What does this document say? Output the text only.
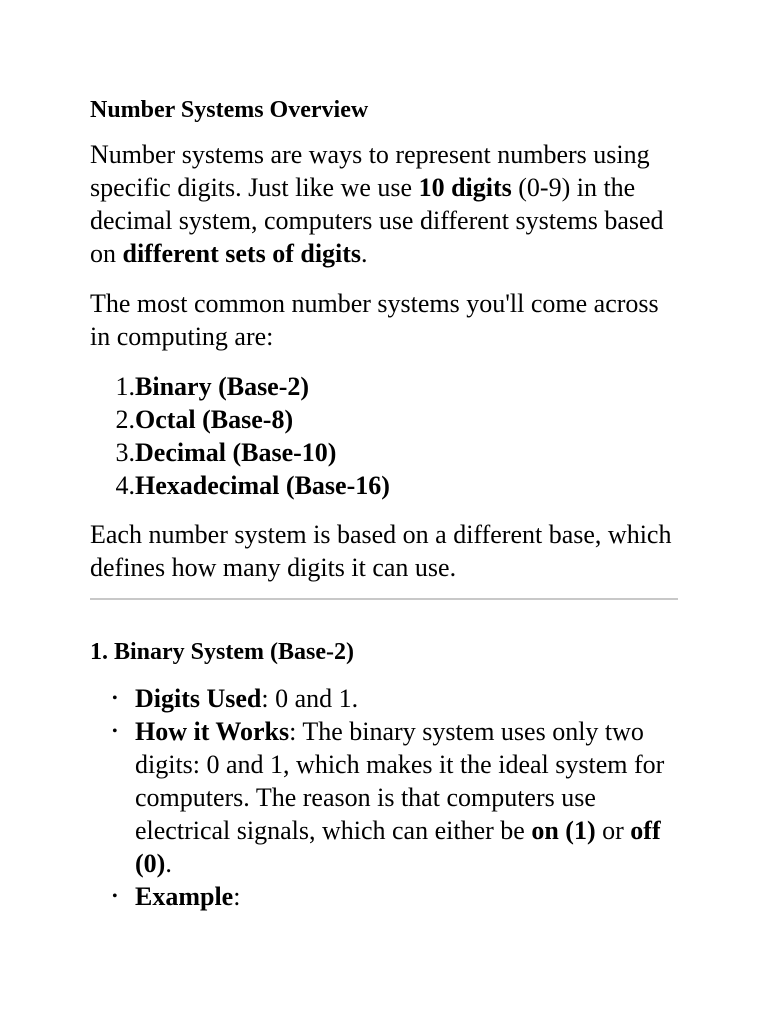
Number Systems Overview

Number systems are ways to represent numbers using specific digits. Just like we use 10 digits (0-9) in the decimal system, computers use different systems based on different sets of digits.

The most common number systems you'll come across in computing are:

1. Binary (Base-2)
2. Octal (Base-8)
3. Decimal (Base-10)
4. Hexadecimal (Base-16)

Each number system is based on a different base, which defines how many digits it can use.

1. Binary System (Base-2)
• Digits Used: 0 and 1.
• How it Works: The binary system uses only two digits: 0 and 1, which makes it the ideal system for computers. The reason is that computers use electrical signals, which can either be on (1) or off (0).
• Example:
